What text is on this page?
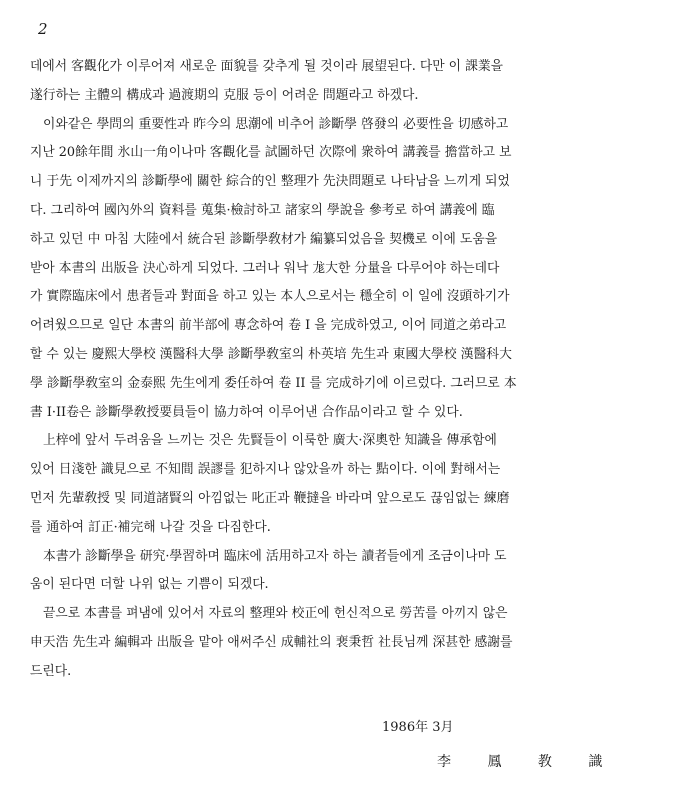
2
데에서 客觀化가 이루어져 새로운 面貌를 갖추게 될 것이라 展望된다. 다만 이 課業을
遂行하는 主體의 構成과 過渡期의 克服 등이 어려운 問題라고 하겠다.
이와같은 學問의 重要性과 昨今의 思潮에 비추어 診斷學 啓發의 必要性을 切感하고
지난 20餘年間 氷山一角이나마 客觀化를 試圖하던 次際에 衆하여 講義를 擔當하고 보
니 于先 이제까지의 診斷學에 關한 綜合的인 整理가 先決問題로 나타남을 느끼게 되었
다. 그리하여 國內外의 資料를 蒐集·檢討하고 諸家의 學說을 參考로 하여 講義에 臨
하고 있던 中 마침 大陸에서 統合된 診斷學敎材가 編纂되었음을 契機로 이에 도움을
받아 本書의 出版을 決心하게 되었다. 그러나 워낙 尨大한 分量을 다루어야 하는데다
가 實際臨床에서 患者들과 對面을 하고 있는 本人으로서는 穩全히 이 일에 沒頭하기가
어려웠으므로 일단 本書의 前半部에 專念하여 卷 I 을 完成하였고, 이어 同道之弟라고
할 수 있는 慶熙大學校 漢醫科大學 診斷學敎室의 朴英培 先生과 東國大學校 漢醫科大
學 診斷學敎室의 金泰熙 先生에게 委任하여 卷 II 를 完成하기에 이르렀다. 그러므로 本
書 I·II卷은 診斷學敎授要員들이 協力하여 이루어낸 合作品이라고 할 수 있다.
上梓에 앞서 두려움을 느끼는 것은 先賢들이 이룩한 廣大·深奧한 知識을 傳承함에
있어 日淺한 識見으로 不知間 誤謬를 犯하지나 않았을까 하는 點이다. 이에 對해서는
먼저 先輩敎授 및 同道諸賢의 아낌없는 叱正과 鞭撻을 바라며 앞으로도 끊임없는 練磨
를 通하여 訂正·補完해 나갈 것을 다짐한다.
本書가 診斷學을 研究·學習하며 臨床에 活用하고자 하는 讀者들에게 조금이나마 도
움이 된다면 더할 나위 없는 기쁨이 되겠다.
끝으로 本書를 펴냄에 있어서 자료의 整理와 校正에 헌신적으로 勞苦를 아끼지 않은
申天浩 先生과 編輯과 出版을 맡아 애써주신 成輔社의 裵秉哲 社長님께 深甚한 感謝를
드린다.
1986年 3月
李 鳳 教 識
